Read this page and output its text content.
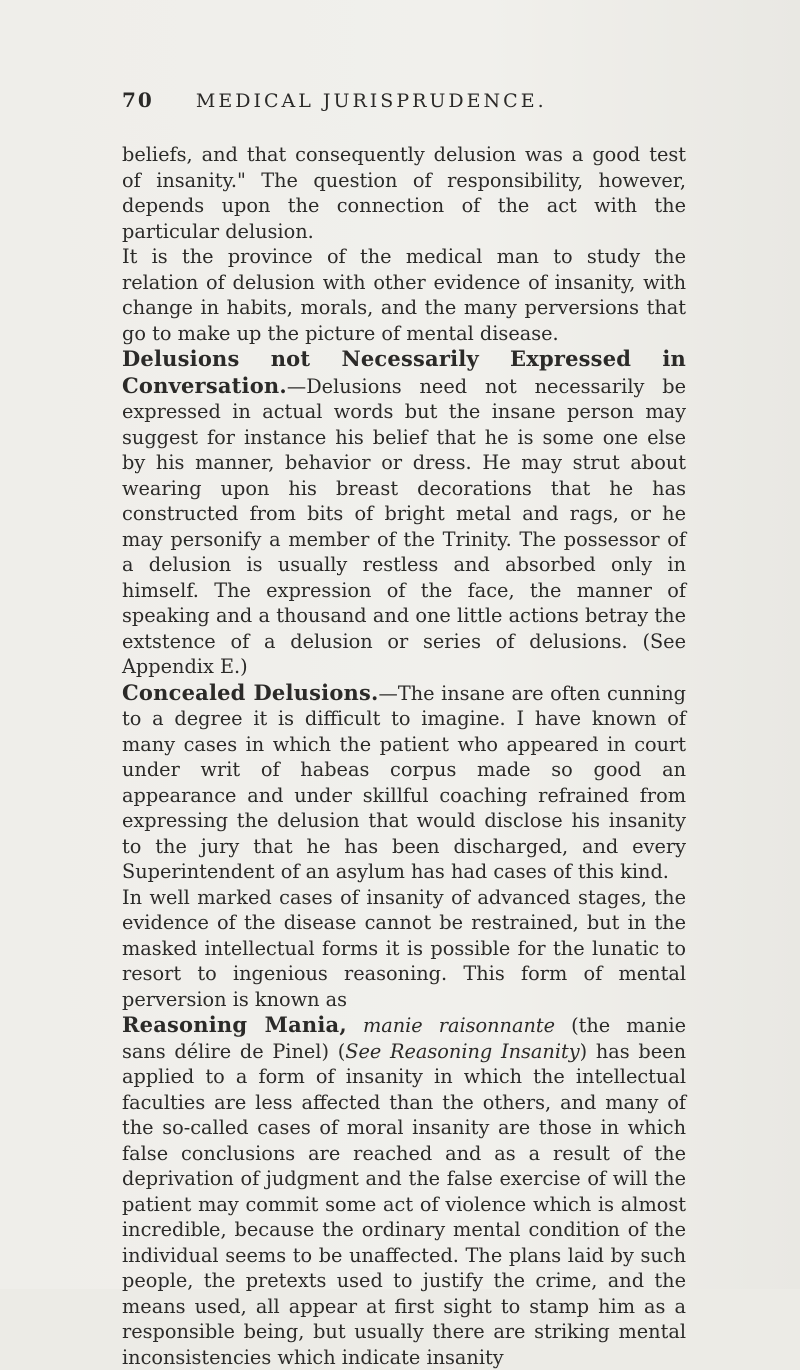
70 MEDICAL JURISPRUDENCE.

beliefs, and that consequently delusion was a good test of insanity." The question of responsibility, however, depends upon the connection of the act with the particular delusion.

It is the province of the medical man to study the relation of delusion with other evidence of insanity, with change in habits, morals, and the many perversions that go to make up the picture of mental disease.

Delusions not Necessarily Expressed in Conversation.—Delusions need not necessarily be expressed in actual words but the insane person may suggest for instance his belief that he is some one else by his manner, behavior or dress. He may strut about wearing upon his breast decorations that he has constructed from bits of bright metal and rags, or he may personify a member of the Trinity. The possessor of a delusion is usually restless and absorbed only in himself. The expression of the face, the manner of speaking and a thousand and one little actions betray the extstence of a delusion or series of delusions. (See Appendix E.)

Concealed Delusions.—The insane are often cunning to a degree it is difficult to imagine. I have known of many cases in which the patient who appeared in court under writ of habeas corpus made so good an appearance and under skillful coaching refrained from expressing the delusion that would disclose his insanity to the jury that he has been discharged, and every Superintendent of an asylum has had cases of this kind.

In well marked cases of insanity of advanced stages, the evidence of the disease cannot be restrained, but in the masked intellectual forms it is possible for the lunatic to resort to ingenious reasoning. This form of mental perversion is known as

Reasoning Mania, manie raisonnante (the manie sans délire de Pinel) (See Reasoning Insanity) has been applied to a form of insanity in which the intellectual faculties are less affected than the others, and many of the so-called cases of moral insanity are those in which false conclusions are reached and as a result of the deprivation of judgment and the false exercise of will the patient may commit some act of violence which is almost incredible, because the ordinary mental condition of the individual seems to be unaffected. The plans laid by such people, the pretexts used to justify the crime, and the means used, all appear at first sight to stamp him as a responsible being, but usually there are striking mental inconsistencies which indicate insanity
